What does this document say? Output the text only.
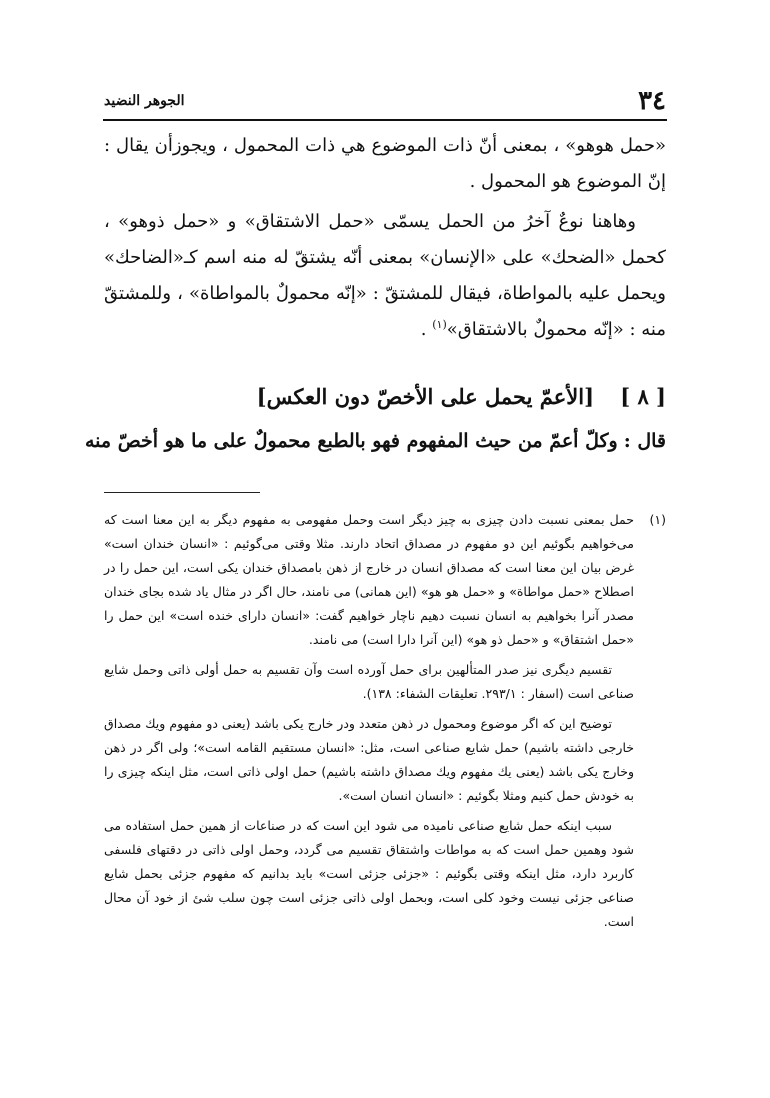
٣٤
الجوهر النضيد

«حمل هوهو» ، بمعنى أنّ ذات الموضوع هي ذات المحمول ، ويجوزأن يقال : إنّ الموضوع هو المحمول .

وهاهنا نوعٌ آخرُ من الحمل يسمّى «حمل الاشتقاق» و «حمل ذوهو» ، كحمل «الضحك» على «الإنسان» بمعنى أنّه يشتقّ له منه اسم كـ«الضاحك» ويحمل عليه بالمواطاة، فيقال للمشتقّ : «إنّه محمولٌ بالمواطاة» ، وللمشتقّ منه : «إنّه محمولٌ بالاشتقاق»$^{(١)}$ .

[ ٨ ]
[الأعمّ يحمل على الأخصّ دون العكس]
قال :وكلّ أعمّ من حيث المفهوم فهو بالطبع محمولٌ على ما هو أخصّ منه
(١)

حمل بمعنى نسبت دادن چیزی به چیز دیگر است وحمل مفهومی به مفهوم دیگر به این معنا است که می‌خواهیم بگوئیم این دو مفهوم در مصداق اتحاد دارند. مثلا وقتی می‌گوئیم : «انسان خندان است» غرض بیان این معنا است که مصداق انسان در خارج از ذهن بامصداق خندان یکی است، این حمل را در اصطلاح «حمل مواطاة» و «حمل هو هو» (این همانی) می نامند، حال اگر در مثال یاد شده بجای خندان مصدر آنرا بخواهیم به انسان نسبت دهیم ناچار خواهیم گفت: «انسان دارای خنده است» این حمل را «حمل اشتقاق» و «حمل ذو هو» (این آنرا دارا است) می نامند.

تقسیم دیگری نیز صدر المتألهین برای حمل آورده است وآن تقسیم به حمل أولی ذاتی وحمل شایع صناعی است (اسفار : ۲۹۳/۱. تعلیقات الشفاء: ۱۳۸).

توضیح این که اگر موضوع ومحمول در ذهن متعدد ودر خارج یکی باشد (یعنی دو مفهوم ویك مصداق خارجی داشته باشیم) حمل شایع صناعی است، مثل: «انسان مستقیم القامه است»؛ ولی اگر در ذهن وخارج یکی باشد (یعنی یك مفهوم ویك مصداق داشته باشیم) حمل اولی ذاتی است، مثل اینکه چیزی را به خودش حمل کنیم ومثلا بگوئیم : «انسان انسان است».

سبب اینکه حمل شایع صناعی نامیده می شود این است که در صناعات از همین حمل استفاده می شود وهمین حمل است که به مواطات واشتقاق تقسیم می گردد، وحمل اولی ذاتی در دقتهای فلسفی کاربرد دارد، مثل اینکه وقتی بگوئیم : «جزئی جزئی است» باید بدانیم که مفهوم جزئی بحمل شایع صناعی جزئی نیست وخود کلی است، وبحمل اولی ذاتی جزئی است چون سلب شئ از خود آن محال است.
